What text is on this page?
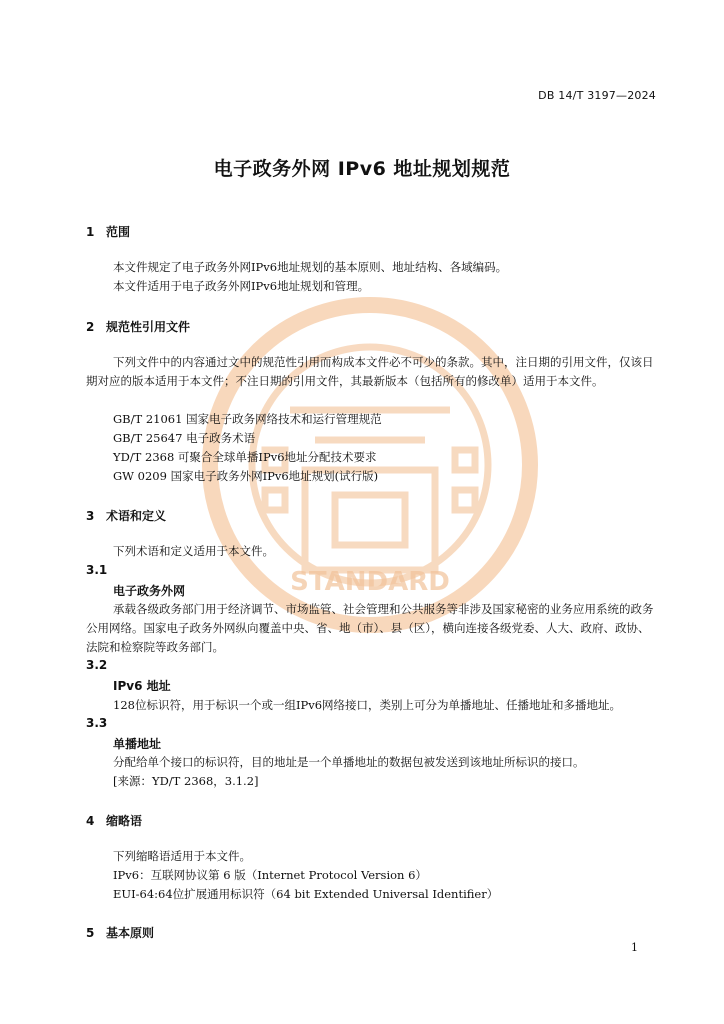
STANDARD
DB 14/T 3197—2024
电子政务外网 IPv6 地址规划规范
1 范围
本文件规定了电子政务外网IPv6地址规划的基本原则、地址结构、各域编码。
本文件适用于电子政务外网IPv6地址规划和管理。
2 规范性引用文件
下列文件中的内容通过文中的规范性引用而构成本文件必不可少的条款。其中，注日期的引用文件，仅该日期对应的版本适用于本文件；不注日期的引用文件，其最新版本（包括所有的修改单）适用于本文件。
GB/T 21061 国家电子政务网络技术和运行管理规范
GB/T 25647 电子政务术语
YD/T 2368 可聚合全球单播IPv6地址分配技术要求
GW 0209 国家电子政务外网IPv6地址规划(试行版)
3 术语和定义
下列术语和定义适用于本文件。
3.1
电子政务外网
承载各级政务部门用于经济调节、市场监管、社会管理和公共服务等非涉及国家秘密的业务应用系统的政务公用网络。国家电子政务外网纵向覆盖中央、省、地（市）、县（区），横向连接各级党委、人大、政府、政协、法院和检察院等政务部门。
3.2
IPv6 地址
128位标识符，用于标识一个或一组IPv6网络接口，类别上可分为单播地址、任播地址和多播地址。
3.3
单播地址
分配给单个接口的标识符，目的地址是一个单播地址的数据包被发送到该地址所标识的接口。
[来源：YD/T 2368，3.1.2]
4 缩略语
下列缩略语适用于本文件。
IPv6：互联网协议第 6 版（Internet Protocol Version 6）
EUI-64:64位扩展通用标识符（64 bit Extended Universal Identifier）
5 基本原则
1
